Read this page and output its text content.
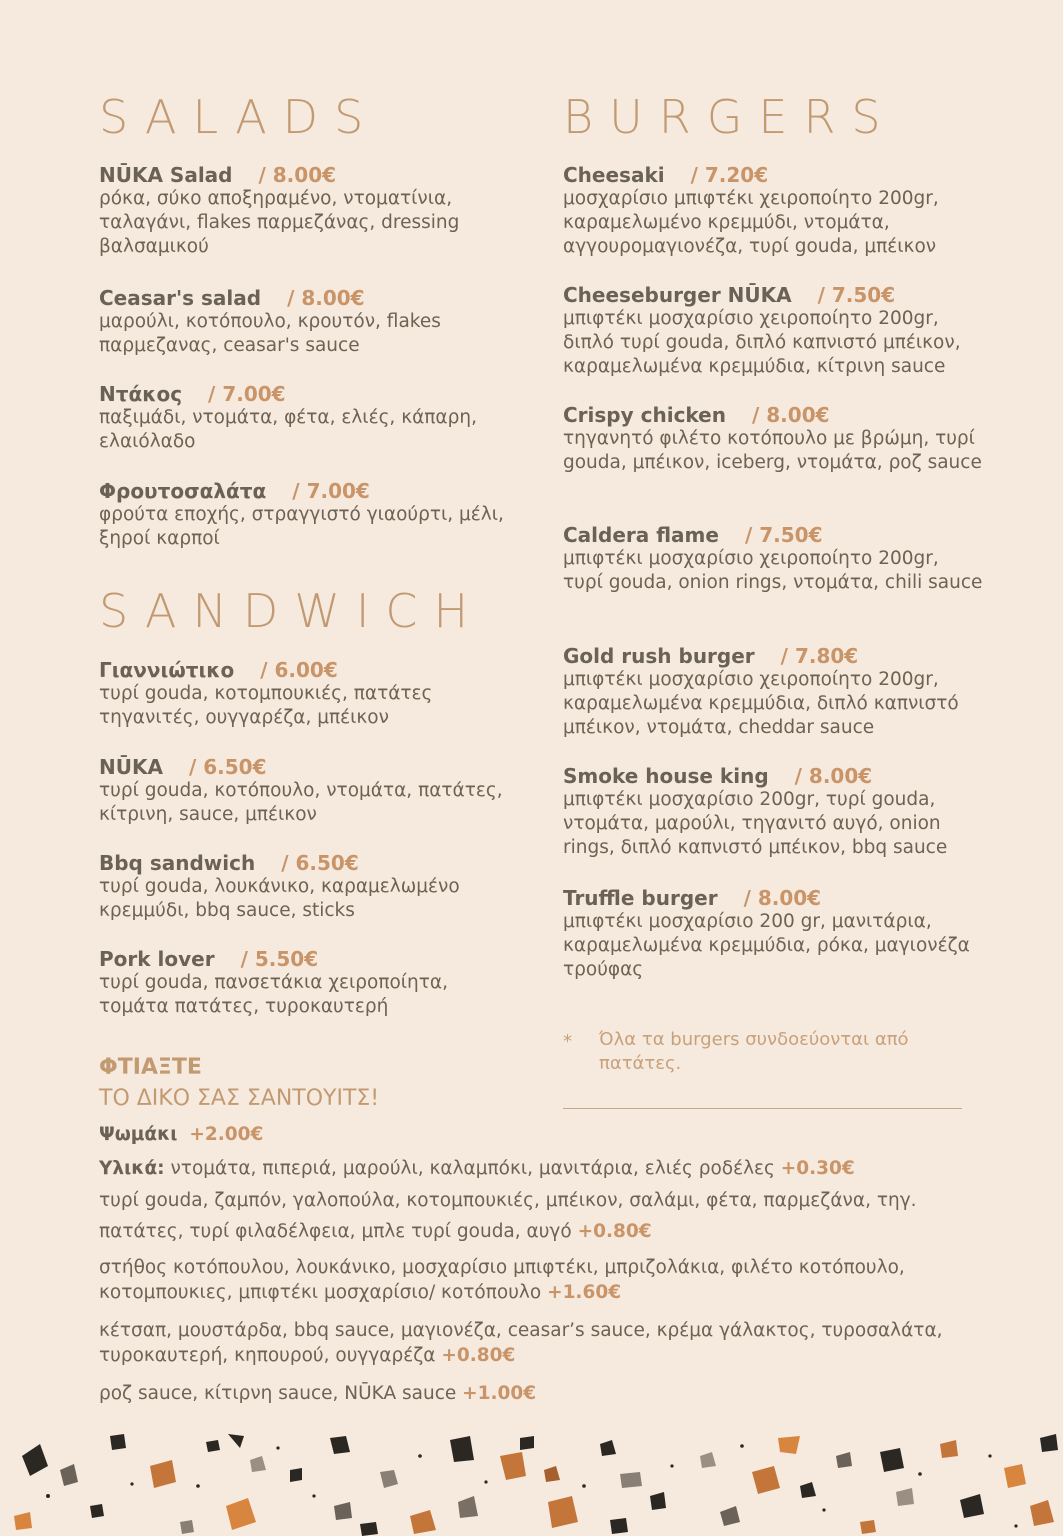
SALADS
NŪKA Salad / 8.00€
ρόκα, σύκο αποξηραμένο, ντοματίνια, ταλαγάνι, flakes παρμεζάνας, dressing βαλσαμικού
Ceasar's salad / 8.00€
μαρούλι, κοτόπουλο, κρουτόν, flakes παρμεζανας, ceasar's sauce
Ντάκος / 7.00€
παξιμάδι, ντομάτα, φέτα, ελιές, κάπαρη, ελαιόλαδο
Φρουτοσαλάτα / 7.00€
φρούτα εποχής, στραγγιστό γιαούρτι, μέλι, ξηροί καρποί
SANDWICH
Γιαννιώτικο / 6.00€
τυρί gouda, κοτομπουκιές, πατάτες τηγανιτές, ουγγαρέζα, μπέικον
NŪKA / 6.50€
τυρί gouda, κοτόπουλο, ντομάτα, πατάτες, κίτρινη, sauce, μπέικον
Bbq sandwich / 6.50€
τυρί gouda, λουκάνικο, καραμελωμένο κρεμμύδι, bbq sauce, sticks
Pork lover / 5.50€
τυρί gouda, πανσετάκια χειροποίητα, τομάτα πατάτες, τυροκαυτερή
BURGERS
Cheesaki / 7.20€
μοσχαρίσιο μπιφτέκι χειροποίητο 200gr, καραμελωμένο κρεμμύδι, ντομάτα, αγγουρομαγιονέζα, τυρί gouda, μπέικον
Cheeseburger NŪKA / 7.50€
μπιφτέκι μοσχαρίσιο χειροποίητο 200gr, διπλό τυρί gouda, διπλό καπνιστό μπέικον, καραμελωμένα κρεμμύδια, κίτρινη sauce
Crispy chicken / 8.00€
τηγανητό φιλέτο κοτόπουλο με βρώμη, τυρί gouda, μπέικον, iceberg, ντομάτα, ροζ sauce
Caldera flame / 7.50€
μπιφτέκι μοσχαρίσιο χειροποίητο 200gr, τυρί gouda, onion rings, ντομάτα, chili sauce
Gold rush burger / 7.80€
μπιφτέκι μοσχαρίσιο χειροποίητο 200gr, καραμελωμένα κρεμμύδια, διπλό καπνιστό μπέικον, ντομάτα, cheddar sauce
Smoke house king / 8.00€
μπιφτέκι μοσχαρίσιο 200gr, τυρί gouda, ντομάτα, μαρούλι, τηγανιτό αυγό, onion rings, διπλό καπνιστό μπέικον, bbq sauce
Truffle burger / 8.00€
μπιφτέκι μοσχαρίσιο 200 gr, μανιτάρια, καραμελωμένα κρεμμύδια, ρόκα, μαγιονέζα τρούφας
* Όλα τα burgers συνδοεύονται από πατάτες.
ΦΤΙΑΞΤΕ
ΤΟ ΔΙΚΟ ΣΑΣ ΣΑΝΤΟΥΙΤΣ!
Ψωμάκι +2.00€
Υλικά: ντομάτα, πιπεριά, μαρούλι, καλαμπόκι, μανιτάρια, ελιές ροδέλες +0.30€
τυρί gouda, ζαμπόν, γαλοπούλα, κοτομπουκιές, μπέικον, σαλάμι, φέτα, παρμεζάνα, τηγ. πατάτες, τυρί φιλαδέλφεια, μπλε τυρί gouda, αυγό +0.80€
στήθος κοτόπουλου, λουκάνικο, μοσχαρίσιο μπιφτέκι, μπριζολάκια, φιλέτο κοτόπουλο, κοτομπουκιες, μπιφτέκι μοσχαρίσιο/ κοτόπουλο +1.60€
κέτσαπ, μουστάρδα, bbq sauce, μαγιονέζα, ceasar’s sauce, κρέμα γάλακτος, τυροσαλάτα, τυροκαυτερή, κηπουρού, ουγγαρέζα +0.80€
ροζ sauce, κίτιρνη sauce, NŪKA sauce +1.00€
